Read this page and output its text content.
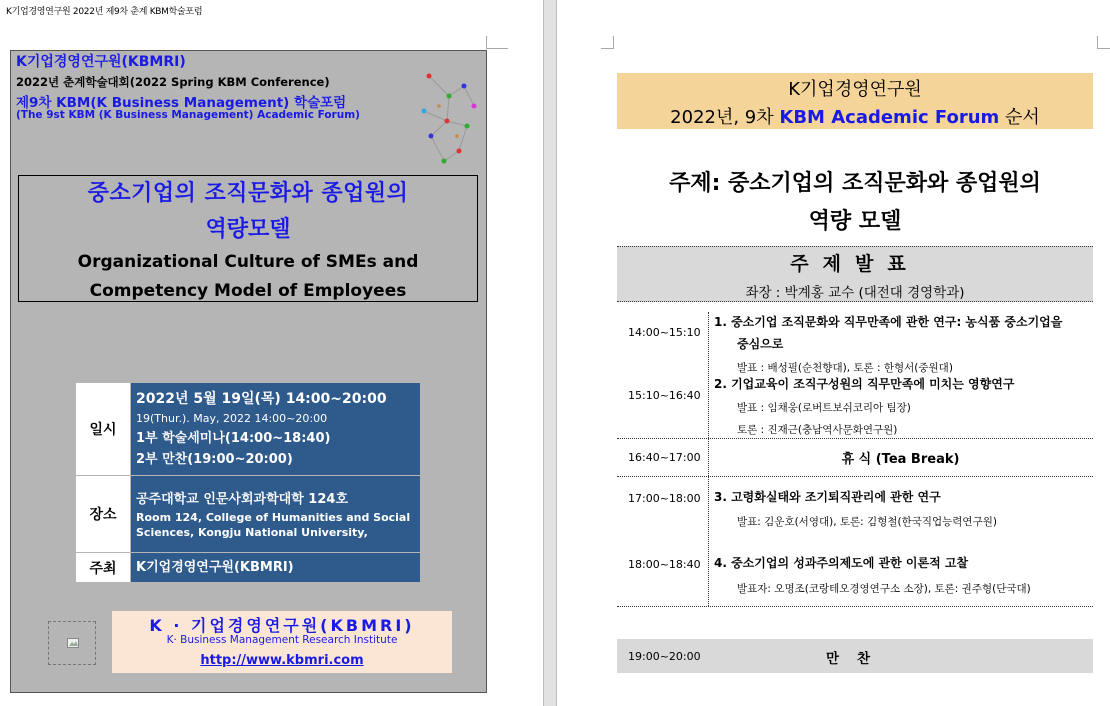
K기업경영연구원 2022년 제9차 춘계 KBM학술포럼
K기업경영연구원(KBMRI)
2022년 춘계학술대회(2022 Spring KBM Conference)
제9차 KBM(K Business Management) 학술포럼
(The 9st KBM (K Business Management) Academic Forum)
중소기업의 조직문화와 종업원의
역량모델
Organizational Culture of SMEs and
Competency Model of Employees
일시	2022년 5월 19일(목) 14:00~20:00
19(Thur.). May, 2022 14:00~20:00
1부 학술세미나(14:00~18:40)
2부 만찬(19:00~20:00)

장소	공주대학교 인문사회과학대학 124호
Room 124, College of Humanities and Social Sciences, Kongju National University,

주최	K기업경영연구원(KBMRI)
K · 기업경영연구원(KBMRI)
K· Business Management Research Institute
http://www.kbmri.com
K기업경영연구원
2022년, 9차 KBM Academic Forum 순서
주제: 중소기업의 조직문화와 종업원의
역량 모델
주제발표
좌장 : 박계홍 교수 (대전대 경영학과)
14:00~15:10
1. 중소기업 조직문화와 직무만족에 관한 연구: 농식품 중소기업을
중심으로
발표 : 배성필(순천향대), 토론 : 한형서(중원대)
15:10~16:40
2. 기업교육이 조직구성원의 직무만족에 미치는 영향연구
발표 : 임채웅(로버트보쉬코리아 팀장)
토론 : 진재근(충남역사문화연구원)
16:40~17:00	휴 식 (Tea Break)
17:00~18:00 3. 고령화실태와 조기퇴직관리에 관한 연구
발표: 김운호(서영대), 토론: 김형철(한국직업능력연구원)
18:00~18:40 4. 중소기업의 성과주의제도에 관한 이론적 고찰
발표자: 오명조(코랑테오경영연구소 소장), 토론: 권주형(단국대)
19:00~20:00	만찬
